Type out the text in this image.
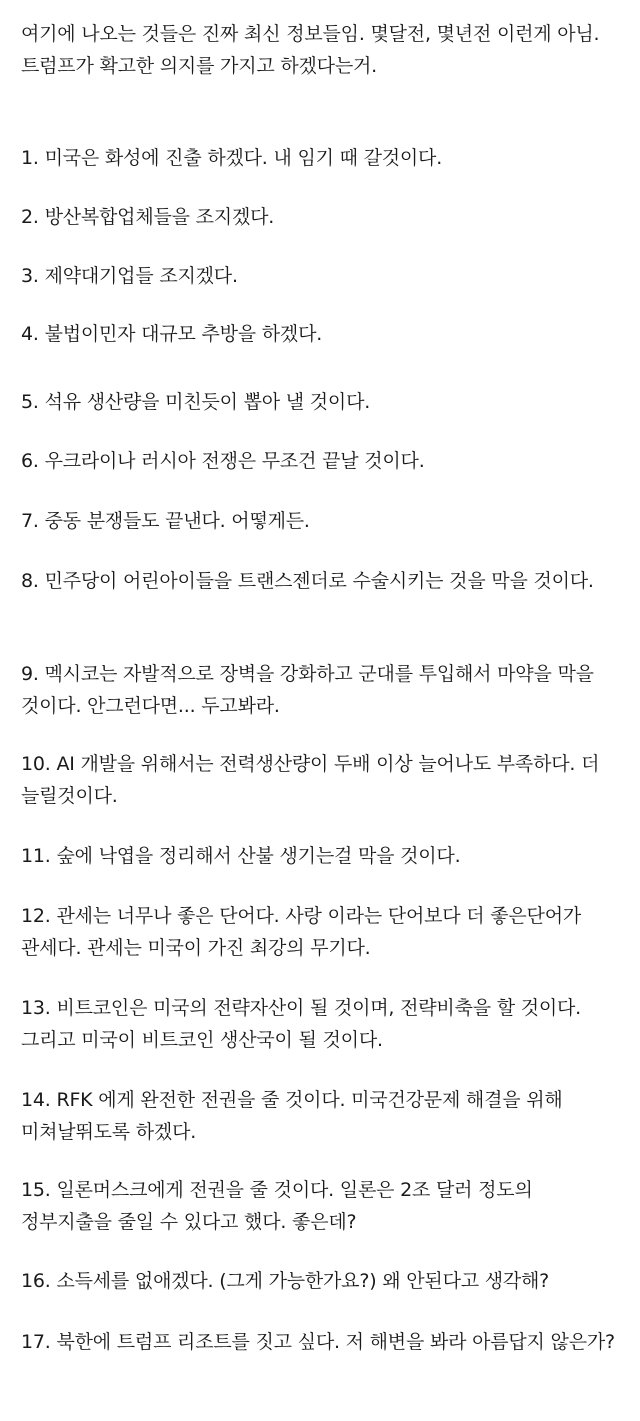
여기에 나오는 것들은 진짜 최신 정보들임. 몇달전, 몇년전 이런게 아님. 트럼프가 확고한 의지를 가지고 하겠다는거.
1. 미국은 화성에 진출 하겠다. 내 임기 때 갈것이다.
2. 방산복합업체들을 조지겠다.
3. 제약대기업들 조지겠다.
4. 불법이민자 대규모 추방을 하겠다.
5. 석유 생산량을 미친듯이 뽑아 낼 것이다.
6. 우크라이나 러시아 전쟁은 무조건 끝날 것이다.
7. 중동 분쟁들도 끝낸다. 어떻게든.
8. 민주당이 어린아이들을 트랜스젠더로 수술시키는 것을 막을 것이다.
9. 멕시코는 자발적으로 장벽을 강화하고 군대를 투입해서 마약을 막을 것이다. 안그런다면... 두고봐라.
10. AI 개발을 위해서는 전력생산량이 두배 이상 늘어나도 부족하다. 더 늘릴것이다.
11. 숲에 낙엽을 정리해서 산불 생기는걸 막을 것이다.
12. 관세는 너무나 좋은 단어다. 사랑 이라는 단어보다 더 좋은단어가 관세다. 관세는 미국이 가진 최강의 무기다.
13. 비트코인은 미국의 전략자산이 될 것이며, 전략비축을 할 것이다. 그리고 미국이 비트코인 생산국이 될 것이다.
14. RFK 에게 완전한 전권을 줄 것이다. 미국건강문제 해결을 위해 미쳐날뛰도록 하겠다.
15. 일론머스크에게 전권을 줄 것이다. 일론은 2조 달러 정도의 정부지출을 줄일 수 있다고 했다. 좋은데?
16. 소득세를 없애겠다. (그게 가능한가요?) 왜 안된다고 생각해?
17. 북한에 트럼프 리조트를 짓고 싶다. 저 해변을 봐라 아름답지 않은가?
